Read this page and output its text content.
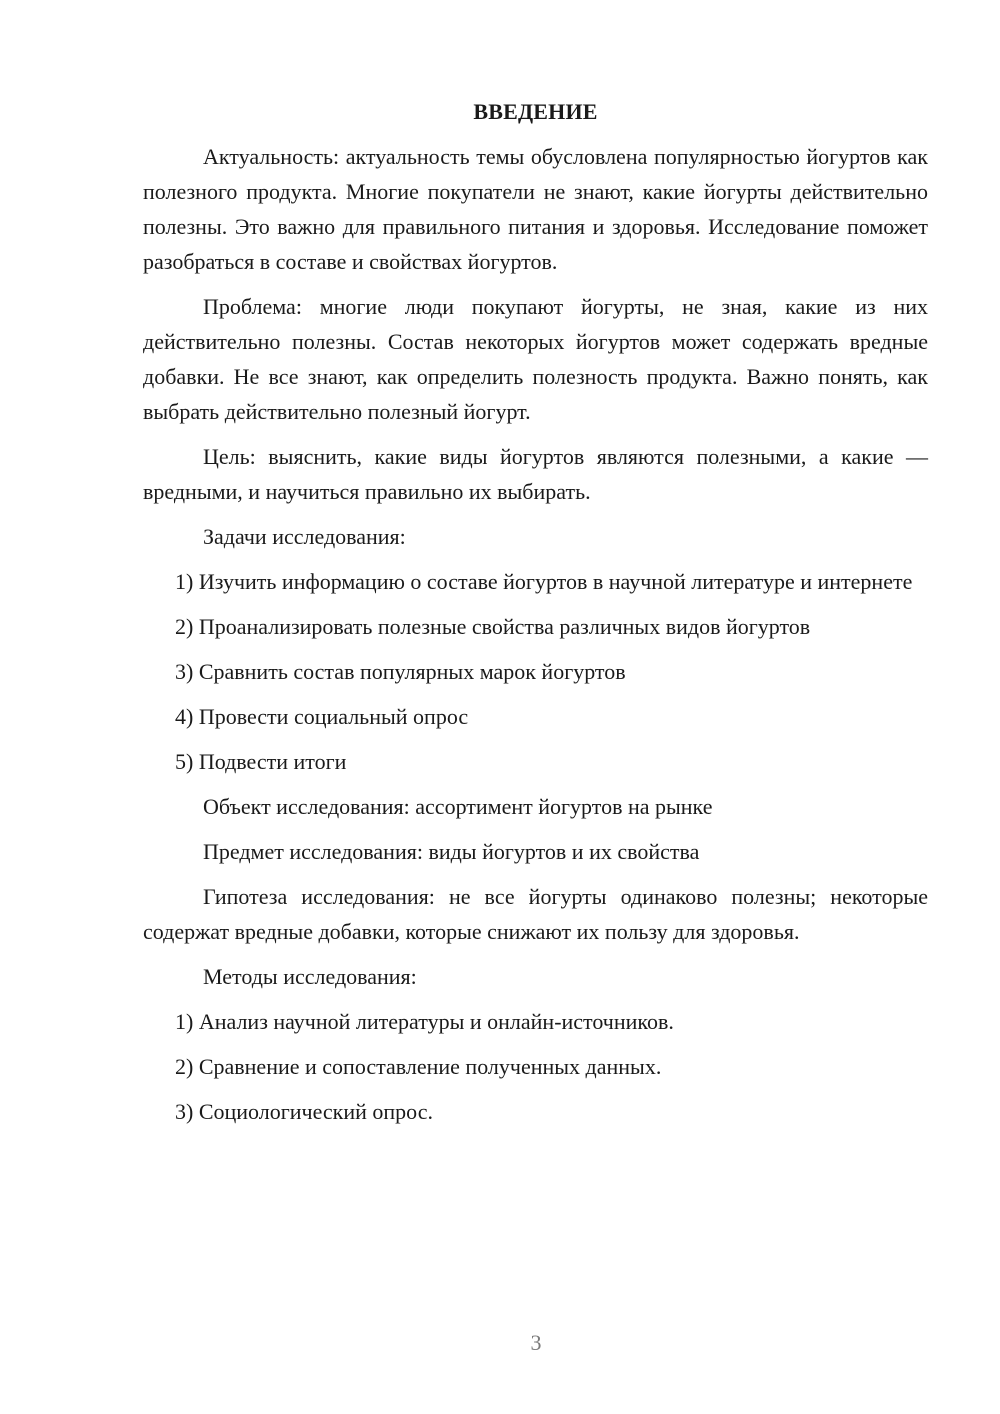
ВВЕДЕНИЕ
Актуальность: актуальность темы обусловлена популярностью йогуртов как полезного продукта. Многие покупатели не знают, какие йогурты действительно полезны. Это важно для правильного питания и здоровья. Исследование поможет разобраться в составе и свойствах йогуртов.
Проблема: многие люди покупают йогурты, не зная, какие из них действительно полезны. Состав некоторых йогуртов может содержать вредные добавки. Не все знают, как определить полезность продукта. Важно понять, как выбрать действительно полезный йогурт.
Цель: выяснить, какие виды йогуртов являются полезными, а какие — вредными, и научиться правильно их выбирать.
Задачи исследования:
1) Изучить информацию о составе йогуртов в научной литературе и интернете
2) Проанализировать полезные свойства различных видов йогуртов
3) Сравнить состав популярных марок йогуртов
4) Провести социальный опрос
5) Подвести итоги
Объект исследования: ассортимент йогуртов на рынке
Предмет исследования: виды йогуртов и их свойства
Гипотеза исследования: не все йогурты одинаково полезны; некоторые содержат вредные добавки, которые снижают их пользу для здоровья.
Методы исследования:
1) Анализ научной литературы и онлайн-источников.
2) Сравнение и сопоставление полученных данных.
3) Социологический опрос.
3
